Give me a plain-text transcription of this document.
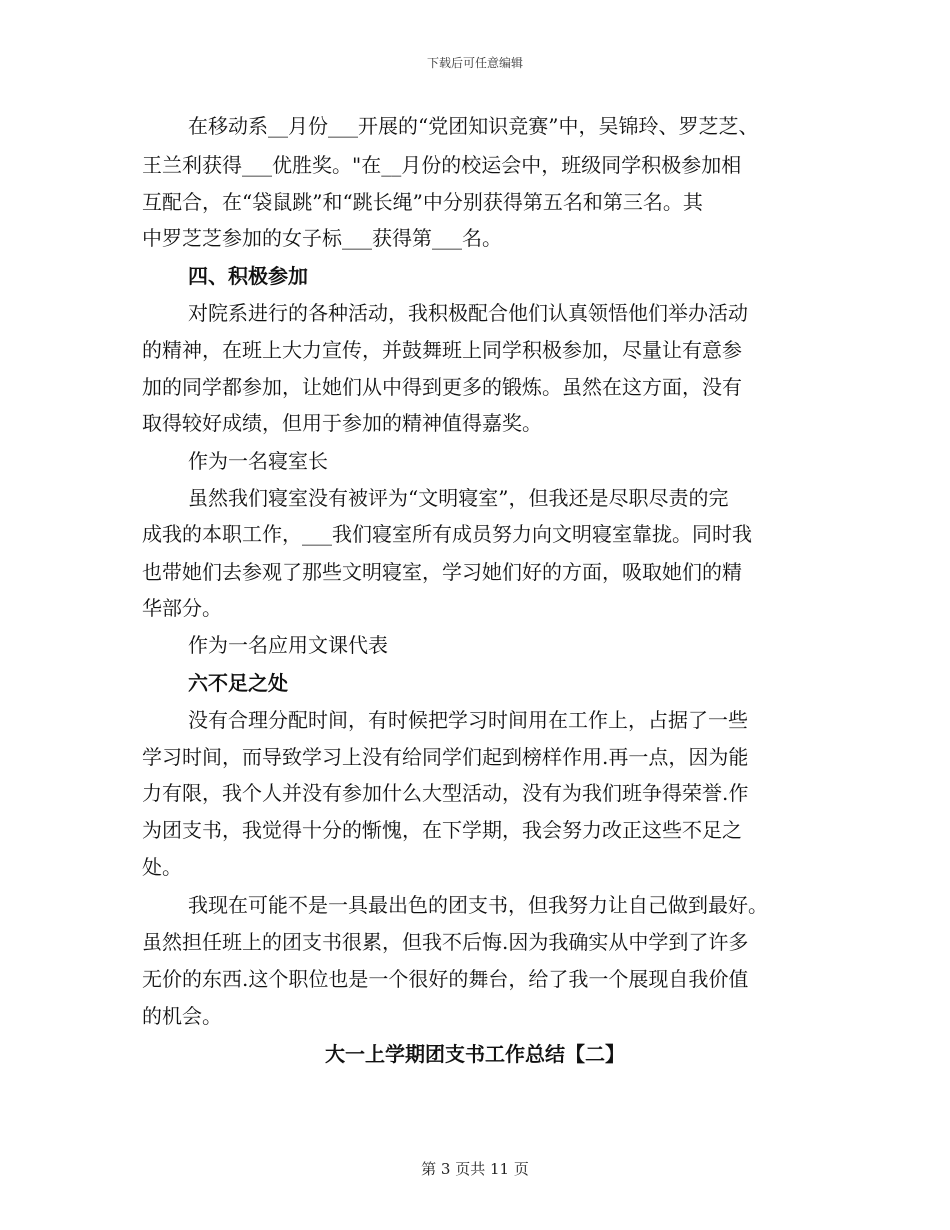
下载后可任意编辑
在移动系__月份___开展的“党团知识竞赛”中，吴锦玲、罗芝芝、
王兰利获得___优胜奖。"在__月份的校运会中，班级同学积极参加相
互配合，在“袋鼠跳”和“跳长绳”中分别获得第五名和第三名。其
中罗芝芝参加的女子标___获得第___名。
四、积极参加
对院系进行的各种活动，我积极配合他们认真领悟他们举办活动
的精神，在班上大力宣传，并鼓舞班上同学积极参加，尽量让有意参
加的同学都参加，让她们从中得到更多的锻炼。虽然在这方面，没有
取得较好成绩，但用于参加的精神值得嘉奖。
作为一名寝室长
虽然我们寝室没有被评为“文明寝室”，但我还是尽职尽责的完
成我的本职工作，___我们寝室所有成员努力向文明寝室靠拢。同时我
也带她们去参观了那些文明寝室，学习她们好的方面，吸取她们的精
华部分。
作为一名应用文课代表
六不足之处
没有合理分配时间，有时候把学习时间用在工作上，占据了一些
学习时间，而导致学习上没有给同学们起到榜样作用.再一点，因为能
力有限，我个人并没有参加什么大型活动，没有为我们班争得荣誉.作
为团支书，我觉得十分的惭愧，在下学期，我会努力改正这些不足之
处。
我现在可能不是一具最出色的团支书，但我努力让自己做到最好。
虽然担任班上的团支书很累，但我不后悔.因为我确实从中学到了许多
无价的东西.这个职位也是一个很好的舞台，给了我一个展现自我价值
的机会。
大一上学期团支书工作总结【二】
第 3 页共 11 页
